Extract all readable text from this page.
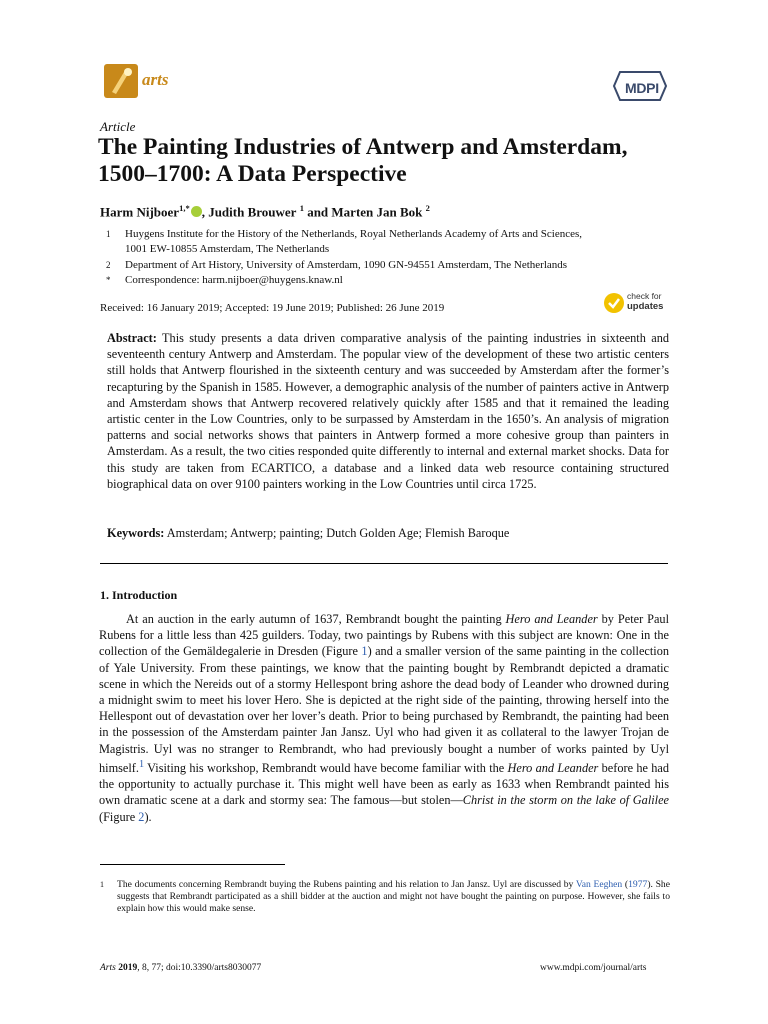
arts	MDPI
Article
The Painting Industries of Antwerp and Amsterdam, 1500–1700: A Data Perspective
Harm Nijboer$^{1,*}$ , Judith Brouwer $^1$ and Marten Jan Bok $^2$
1	Huygens Institute for the History of the Netherlands, Royal Netherlands Academy of Arts and Sciences,
1001 EW-10855 Amsterdam, The Netherlands
2	Department of Art History, University of Amsterdam, 1090 GN-94551 Amsterdam, The Netherlands
*	Correspondence: harm.nijboer@huygens.knaw.nl
Received: 16 January 2019; Accepted: 19 June 2019; Published: 26 June 2019
check for
updates
Abstract: This study presents a data driven comparative analysis of the painting industries in sixteenth and seventeenth century Antwerp and Amsterdam. The popular view of the development of these two artistic centers still holds that Antwerp flourished in the sixteenth century and was succeeded by Amsterdam after the former’s recapturing by the Spanish in 1585. However, a demographic analysis of the number of painters active in Antwerp and Amsterdam shows that Antwerp recovered relatively quickly after 1585 and that it remained the leading artistic center in the Low Countries, only to be surpassed by Amsterdam in the 1650’s. An analysis of migration patterns and social networks shows that painters in Antwerp formed a more cohesive group than painters in Amsterdam. As a result, the two cities responded quite differently to internal and external market shocks. Data for this study are taken from ECARTICO, a database and a linked data web resource containing structured biographical data on over 9100 painters working in the Low Countries until circa 1725.
Keywords: Amsterdam; Antwerp; painting; Dutch Golden Age; Flemish Baroque
1. Introduction

At an auction in the early autumn of 1637, Rembrandt bought the painting Hero and Leander by Peter Paul Rubens for a little less than 425 guilders. Today, two paintings by Rubens with this subject are known: One in the collection of the Gemäldegalerie in Dresden (Figure 1) and a smaller version of the same painting in the collection of Yale University. From these paintings, we know that the painting bought by Rembrandt depicted a dramatic scene in which the Nereids out of a stormy Hellespont bring ashore the dead body of Leander who drowned during a midnight swim to meet his lover Hero. She is depicted at the right side of the painting, throwing herself into the Hellespont out of devastation over her lover’s death. Prior to being purchased by Rembrandt, the painting had been in the possession of the Amsterdam painter Jan Jansz. Uyl who had given it as collateral to the lawyer Trojan de Magistris. Uyl was no stranger to Rembrandt, who had previously bought a number of works painted by Uyl himself.$^1$ Visiting his workshop, Rembrandt would have become familiar with the Hero and Leander before he had the opportunity to actually purchase it. This might well have been as early as 1633 when Rembrandt painted his own dramatic scene at a dark and stormy sea: The famous—but stolen—Christ in the storm on the lake of Galilee (Figure 2).

1	The documents concerning Rembrandt buying the Rubens painting and his relation to Jan Jansz. Uyl are discussed by Van Eeghen (1977). She suggests that Rembrandt participated as a shill bidder at the auction and might not have bought the painting on purpose. However, she fails to explain how this would make sense.
Arts 2019, 8, 77; doi:10.3390/arts8030077	www.mdpi.com/journal/arts
